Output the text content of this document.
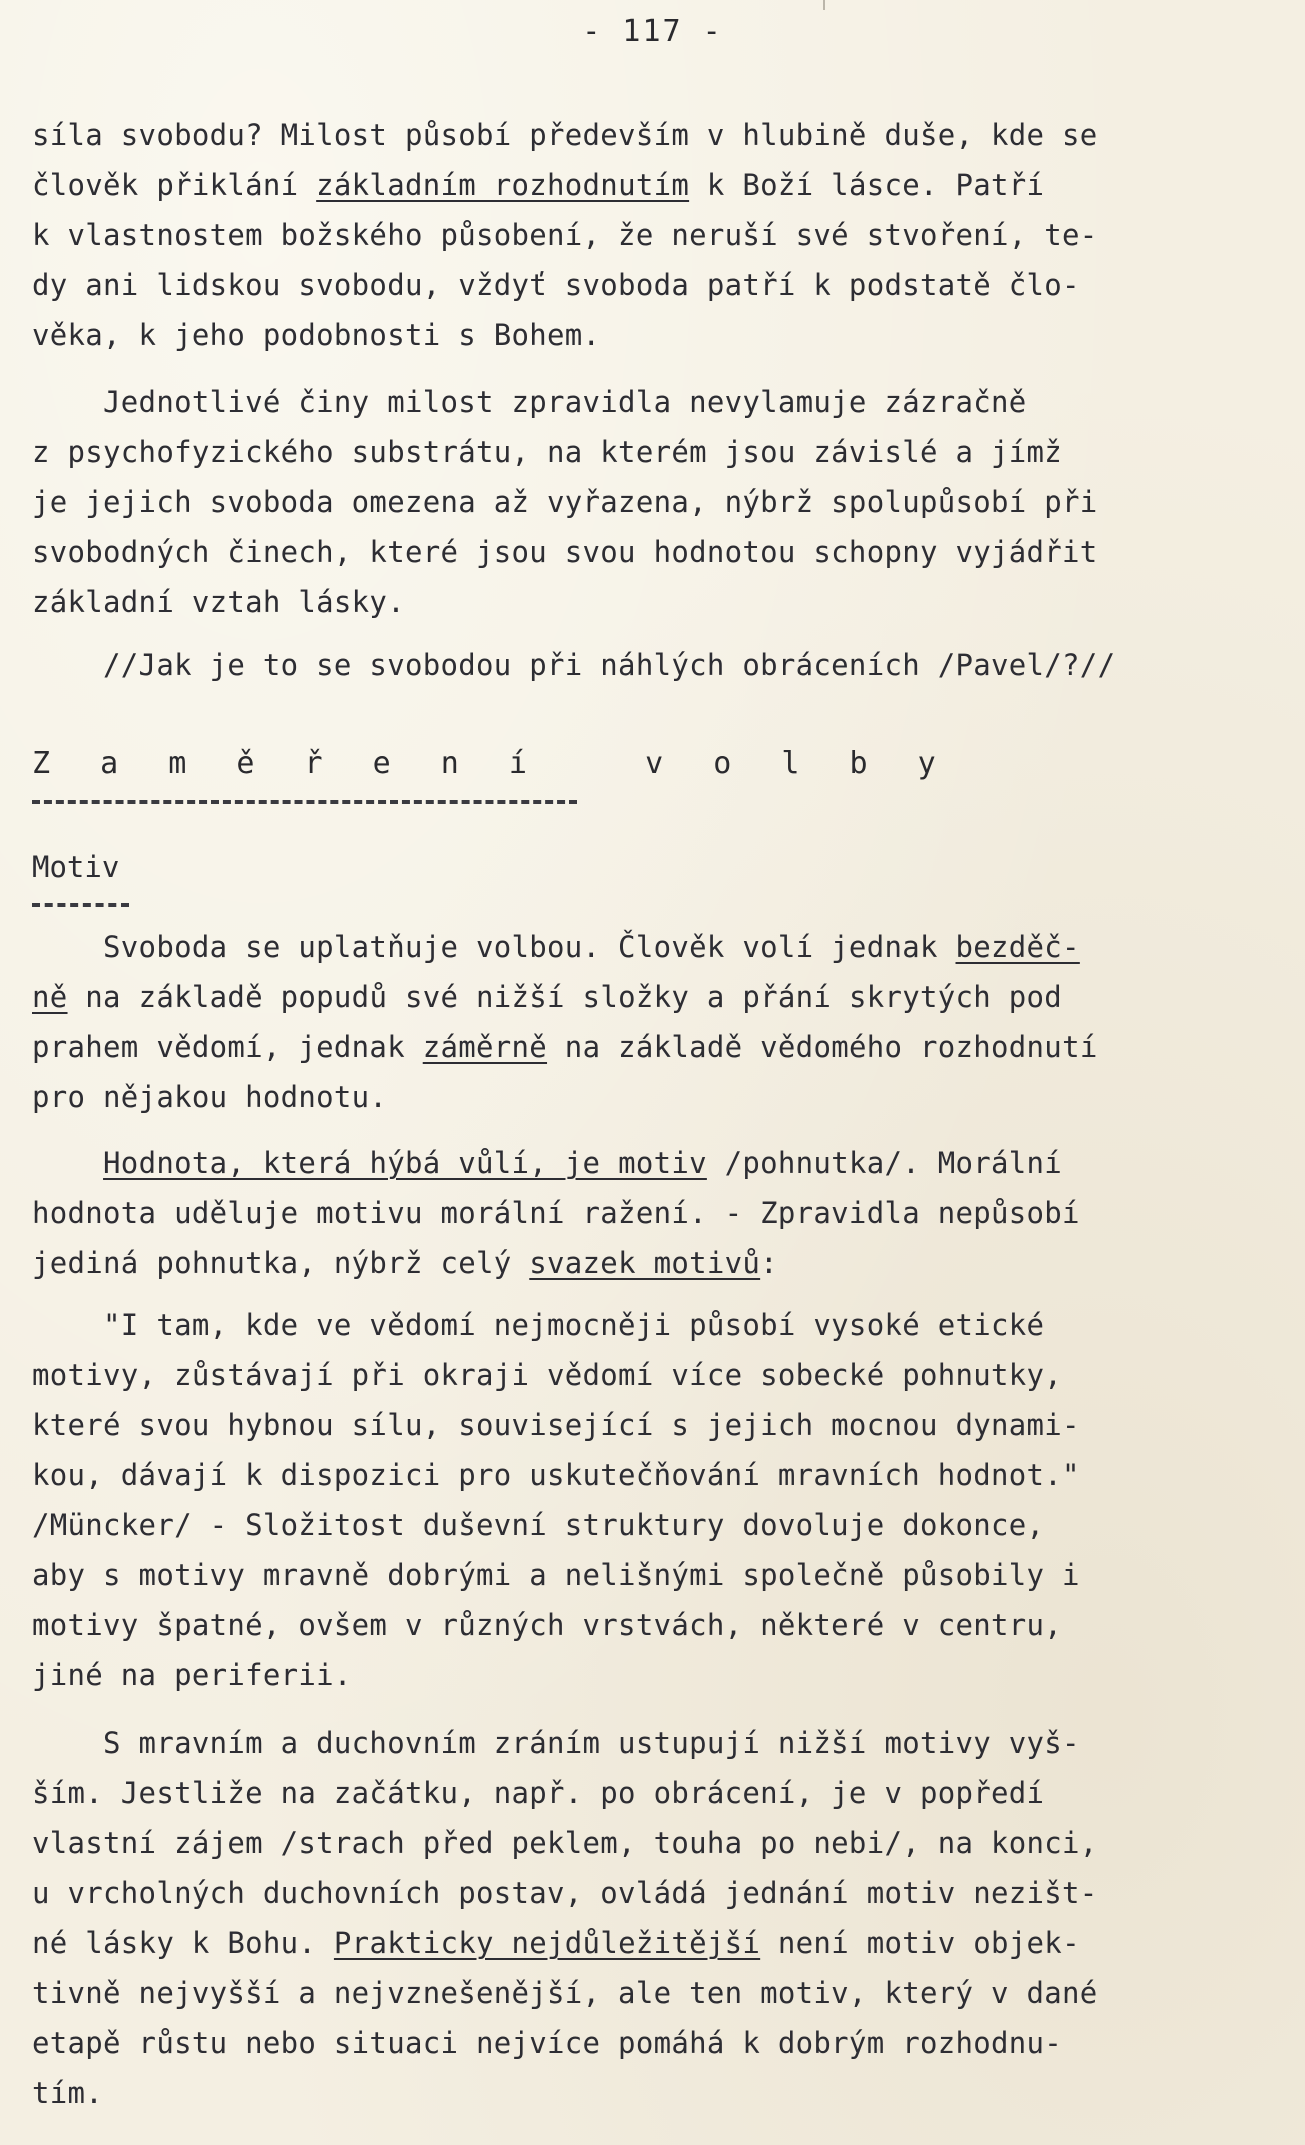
- 117 -
síla svobodu? Milost působí především v hlubině duše, kde se
člověk přiklání základním rozhodnutím k Boží lásce. Patří
k vlastnostem božského působení, že neruší své stvoření, te-
dy ani lidskou svobodu, vždyť svoboda patří k podstatě člo-
věka, k jeho podobnosti s Bohem.
Jednotlivé činy milost zpravidla nevylamuje zázračně
z psychofyzického substrátu, na kterém jsou závislé a jímž
je jejich svoboda omezena až vyřazena, nýbrž spolupůsobí při
svobodných činech, které jsou svou hodnotou schopny vyjádřit
základní vztah lásky.
//Jak je to se svobodou při náhlých obráceních /Pavel/?//
Z a m ě ř e n í   v o l b y
Motiv
Svoboda se uplatňuje volbou. Člověk volí jednak bezděč-
ně na základě popudů své nižší složky a přání skrytých pod
prahem vědomí, jednak záměrně na základě vědomého rozhodnutí
pro nějakou hodnotu.
Hodnota, která hýbá vůlí, je motiv /pohnutka/. Morální
hodnota uděluje motivu morální ražení. - Zpravidla nepůsobí
jediná pohnutka, nýbrž celý svazek motivů:
"I tam, kde ve vědomí nejmocněji působí vysoké etické
motivy, zůstávají při okraji vědomí více sobecké pohnutky,
které svou hybnou sílu, související s jejich mocnou dynami-
kou, dávají k dispozici pro uskutečňování mravních hodnot."
/Müncker/ - Složitost duševní struktury dovoluje dokonce,
aby s motivy mravně dobrými a nelišnými společně působily i
motivy špatné, ovšem v různých vrstvách, některé v centru,
jiné na periferii.
S mravním a duchovním zráním ustupují nižší motivy vyš-
ším. Jestliže na začátku, např. po obrácení, je v popředí
vlastní zájem /strach před peklem, touha po nebi/, na konci,
u vrcholných duchovních postav, ovládá jednání motiv nezišt-
né lásky k Bohu. Prakticky nejdůležitější není motiv objek-
tivně nejvyšší a nejvznešenější, ale ten motiv, který v dané
etapě růstu nebo situaci nejvíce pomáhá k dobrým rozhodnu-
tím.
